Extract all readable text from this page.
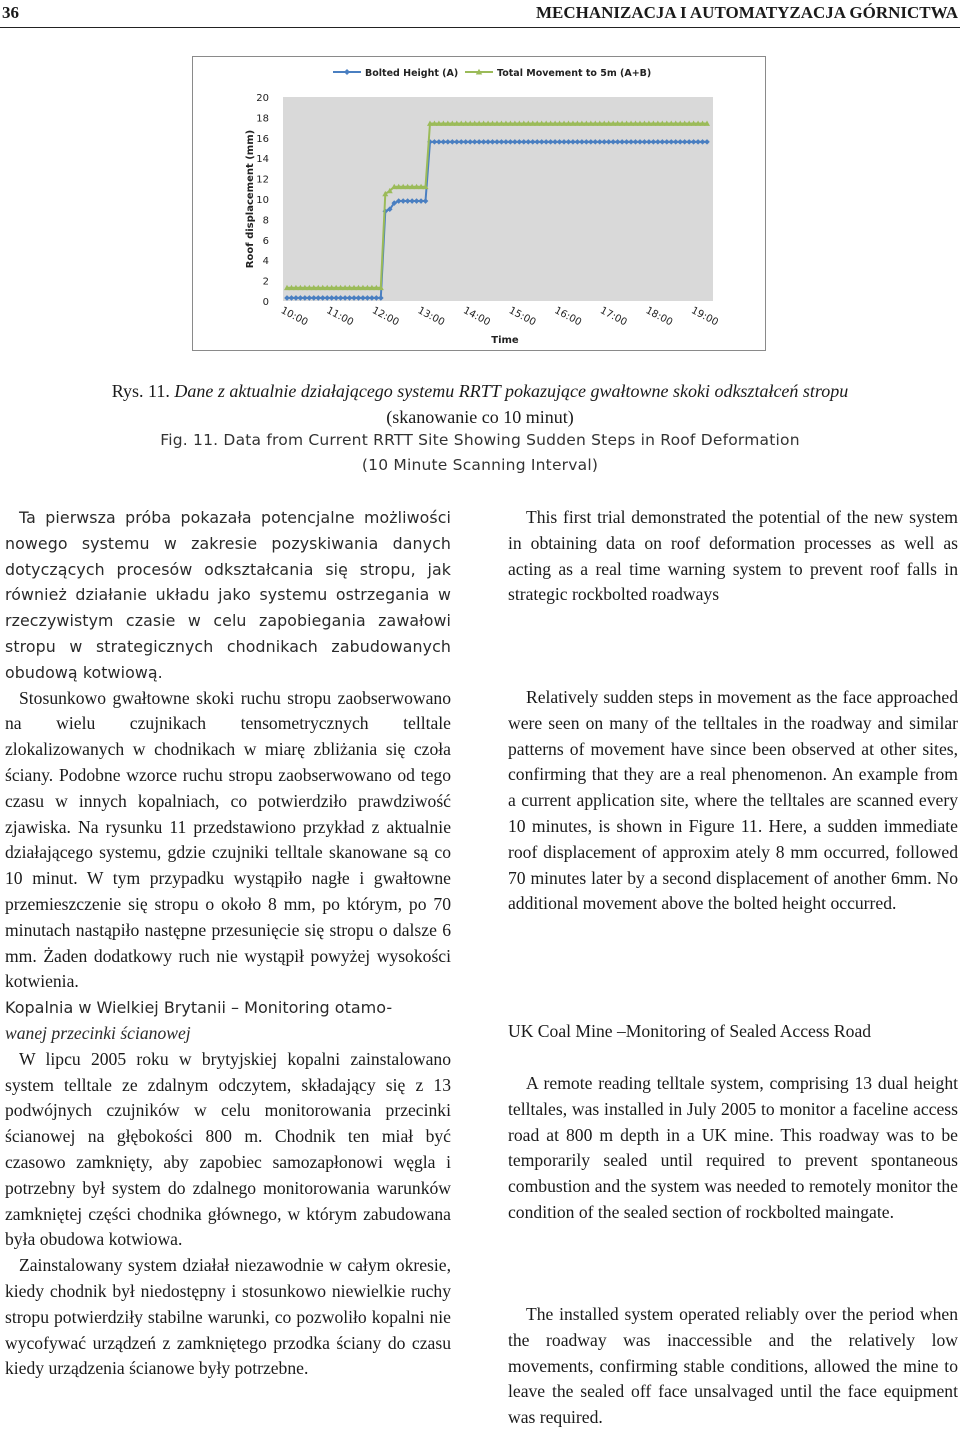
36	MECHANIZACJA I AUTOMATYZACJA GÓRNICTWA
0
2
4
6
8
10
12
14
16
18
20
10:00 11:00 12:00 13:00 14:00 15:00 16:00 17:00 18:00 19:00
Bolted Height (A)	Total Movement to 5m (A+B)
Time
Roof displacement (mm)
Rys. 11. Dane z aktualnie działającego systemu RRTT pokazujące gwałtowne skoki odkształceń stropu
(skanowanie co 10 minut)
Fig. 11. Data from Current RRTT Site Showing Sudden Steps in Roof Deformation
(10 Minute Scanning Interval)

Ta pierwsza próba pokazała potencjalne możliwości nowego systemu w zakresie pozyskiwania danych dotyczących procesów odkształcania się stropu, jak również działanie układu jako systemu ostrzegania w rzeczywistym czasie w celu zapobiegania zawałowi stropu w strategicznych chodnikach zabudowanych obudową kotwiową.

Stosunkowo gwałtowne skoki ruchu stropu zaobserwowano na wielu czujnikach tensometrycznych telltale zlokalizowanych w chodnikach w miarę zbliżania się czoła ściany. Podobne wzorce ruchu stropu zaobserwowano od tego czasu w innych kopalniach, co potwierdziło prawdziwość zjawiska. Na rysunku 11 przedstawiono przykład z aktualnie działającego systemu, gdzie czujniki telltale skanowane są co 10 minut. W tym przypadku wystąpiło nagłe i gwałtowne przemieszczenie się stropu o około 8 mm, po którym, po 70 minutach nastąpiło następne przesunięcie się stropu o dalsze 6 mm. Żaden dodatkowy ruch nie wystąpił powyżej wysokości kotwienia.

Kopalnia w Wielkiej Brytanii – Monitoring otamo-
wanej przecinki ścianowej

W lipcu 2005 roku w brytyjskiej kopalni zainstalowano system telltale ze zdalnym odczytem, składający się z 13 podwójnych czujników w celu monitorowania przecinki ścianowej na głębokości 800 m. Chodnik ten miał być czasowo zamknięty, aby zapobiec samozapłonowi węgla i potrzebny był system do zdalnego monitorowania warunków zamkniętej części chodnika głównego, w którym zabudowana była obudowa kotwiowa.

Zainstalowany system działał niezawodnie w całym okresie, kiedy chodnik był niedostępny i stosunkowo niewielkie ruchy stropu potwierdziły stabilne warunki, co pozwoliło kopalni nie wycofywać urządzeń z zamkniętego przodka ściany do czasu kiedy urządzenia ścianowe były potrzebne.

This first trial demonstrated the potential of the new system in obtaining data on roof deformation processes as well as acting as a real time warning system to prevent roof falls in strategic rockbolted roadways

Relatively sudden steps in movement as the face approached were seen on many of the telltales in the roadway and similar patterns of movement have since been observed at other sites, confirming that they are a real phenomenon. An example from a current application site, where the telltales are scanned every 10 minutes, is shown in Figure 11. Here, a sudden immediate roof displacement of approxim ately 8 mm occurred, followed 70 minutes later by a second displacement of another 6mm. No additional movement above the bolted height occurred.

UK Coal Mine –Monitoring of Sealed Access Road

A remote reading telltale system, comprising 13 dual height telltales, was installed in July 2005 to monitor a faceline access road at 800 m depth in a UK mine. This roadway was to be temporarily sealed until required to prevent spontaneous combustion and the system was needed to remotely monitor the condition of the sealed section of rockbolted maingate.

The installed system operated reliably over the period when the roadway was inaccessible and the relatively low movements, confirming stable conditions, allowed the mine to leave the sealed off face unsalvaged until the face equipment was required.
